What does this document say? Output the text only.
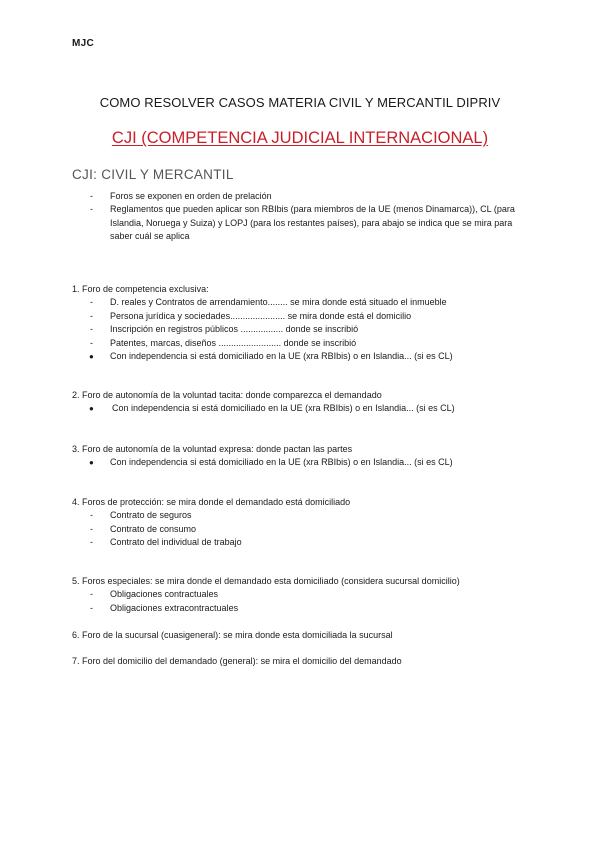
MJC
COMO RESOLVER CASOS MATERIA CIVIL Y MERCANTIL DIPRIV
CJI (COMPETENCIA JUDICIAL INTERNACIONAL)
CJI: CIVIL Y MERCANTIL
- Foros se exponen en orden de prelación
- Reglamentos que pueden aplicar son RBIbis (para miembros de la UE (menos Dinamarca)), CL (para Islandia, Noruega y Suiza) y LOPJ (para los restantes países), para abajo se indica que se mira para saber cuál se aplica

1. Foro de competencia exclusiva:

- D. reales y Contratos de arrendamiento........ se mira donde está situado el inmueble
- Persona jurídica y sociedades...................... se mira donde está el domicilio
- Inscripción en registros públicos ................. donde se inscribió
- Patentes, marcas, diseños ......................... donde se inscribió
● Con independencia si está domiciliado en la UE (xra RBIbis) o en Islandia... (si es CL)

2. Foro de autonomía de la voluntad tacita: donde comparezca el demandado

● Con independencia si está domiciliado en la UE (xra RBIbis) o en Islandia... (si es CL)

3. Foro de autonomía de la voluntad expresa: donde pactan las partes

● Con independencia si está domiciliado en la UE (xra RBIbis) o en Islandia... (si es CL)

4. Foros de protección: se mira donde el demandado está domiciliado

- Contrato de seguros
- Contrato de consumo
- Contrato del individual de trabajo

5. Foros especiales: se mira donde el demandado esta domiciliado (considera sucursal domicilio)

- Obligaciones contractuales
- Obligaciones extracontractuales

6. Foro de la sucursal (cuasigeneral): se mira donde esta domiciliada la sucursal

7. Foro del domicilio del demandado (general): se mira el domicilio del demandado
